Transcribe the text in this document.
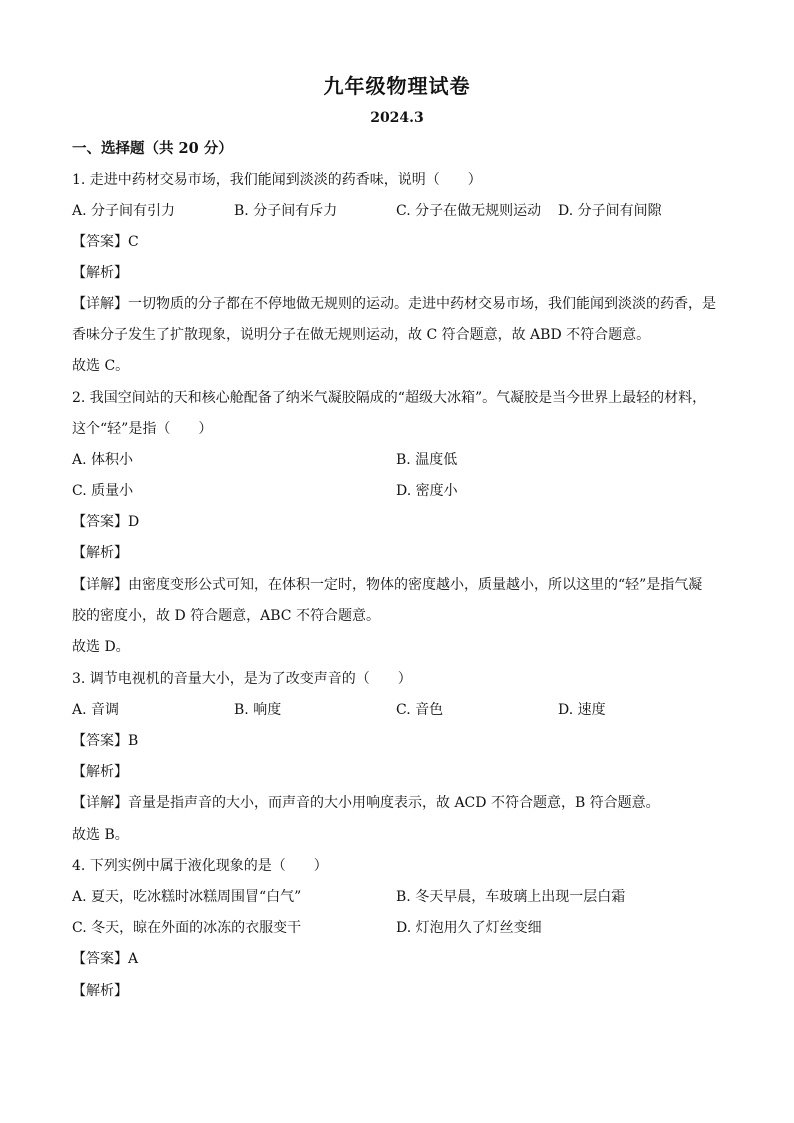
九年级物理试卷
2024.3
一、选择题（共 20 分）
1. 走进中药材交易市场，我们能闻到淡淡的药香味，说明（　　）
A. 分子间有引力	B. 分子间有斥力	C. 分子在做无规则运动 D. 分子间有间隙
【答案】C
【解析】
【详解】一切物质的分子都在不停地做无规则的运动。走进中药材交易市场，我们能闻到淡淡的药香，是
香味分子发生了扩散现象，说明分子在做无规则运动，故 C 符合题意，故 ABD 不符合题意。
故选 C。
2. 我国空间站的天和核心舱配备了纳米气凝胶隔成的“超级大冰箱”。气凝胶是当今世界上最轻的材料，
这个“轻”是指（　　）
A. 体积小	B. 温度低
C. 质量小	D. 密度小
【答案】D
【解析】
【详解】由密度变形公式可知，在体积一定时，物体的密度越小，质量越小，所以这里的“轻”是指气凝
胶的密度小，故 D 符合题意，ABC 不符合题意。
故选 D。
3. 调节电视机的音量大小，是为了改变声音的（　　）
A. 音调	B. 响度	C. 音色	D. 速度
【答案】B
【解析】
【详解】音量是指声音的大小，而声音的大小用响度表示，故 ACD 不符合题意，B 符合题意。
故选 B。
4. 下列实例中属于液化现象的是（　　）
A. 夏天，吃冰糕时冰糕周围冒“白气”	B. 冬天早晨，车玻璃上出现一层白霜
C. 冬天，晾在外面的冰冻的衣服变干	D. 灯泡用久了灯丝变细
【答案】A
【解析】
